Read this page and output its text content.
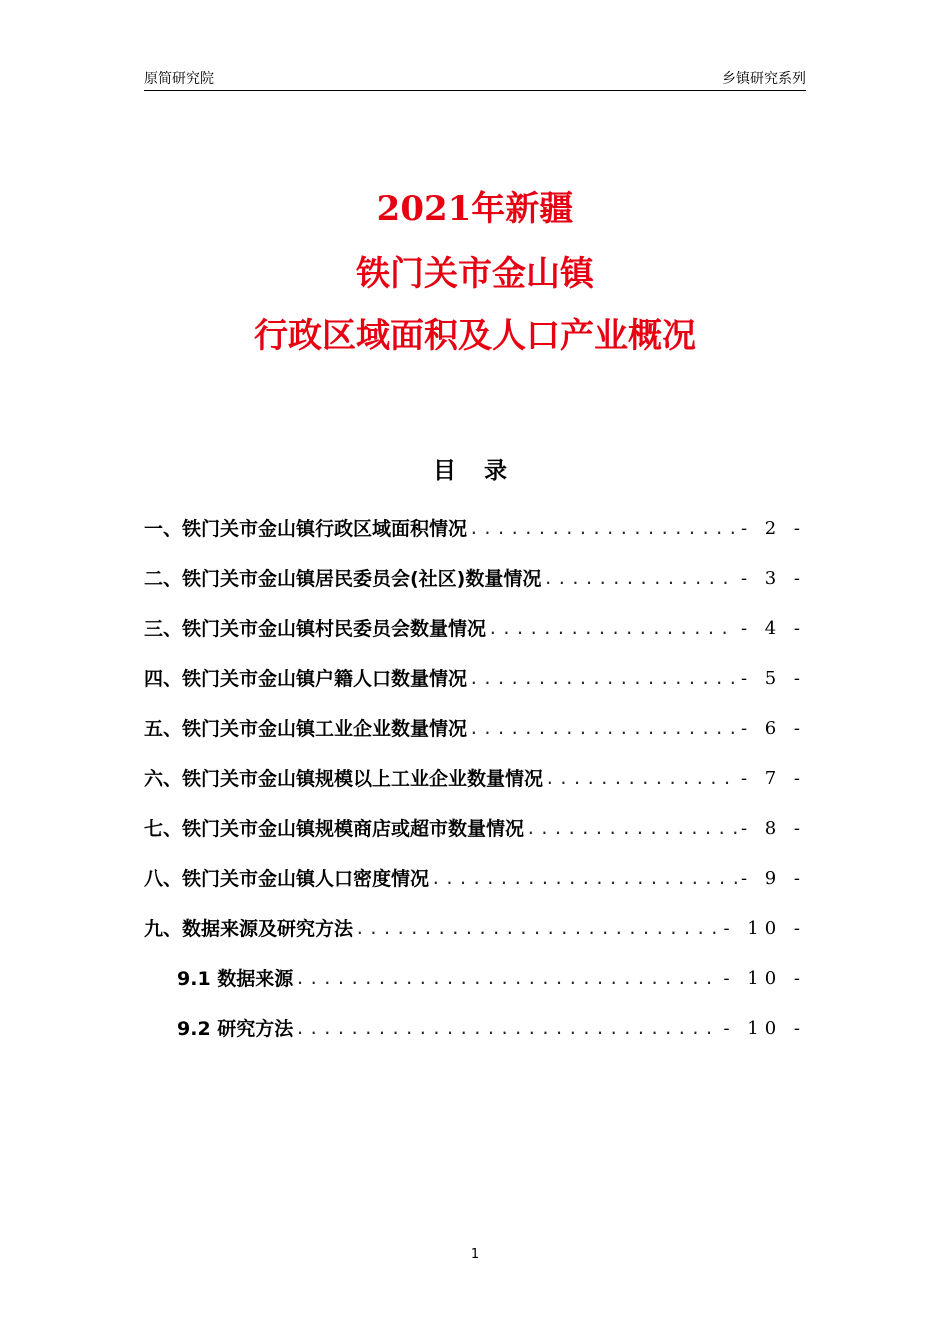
原简研究院	乡镇研究系列
2021年新疆
铁门关市金山镇
行政区域面积及人口产业概况
目 录
一、铁门关市金山镇行政区域面积情况 .....	- 2 -
二、铁门关市金山镇居民委员会(社区)数量情况 .....	- 3 -
三、铁门关市金山镇村民委员会数量情况 .....	- 4 -
四、铁门关市金山镇户籍人口数量情况 .....	- 5 -
五、铁门关市金山镇工业企业数量情况 .....	- 6 -
六、铁门关市金山镇规模以上工业企业数量情况 .....	- 7 -
七、铁门关市金山镇规模商店或超市数量情况 .....	- 8 -
八、铁门关市金山镇人口密度情况 .....	- 9 -
九、数据来源及研究方法 .....	- 10 -
9.1 数据来源 .....	- 10 -
9.2 研究方法 .....	- 10 -
1
